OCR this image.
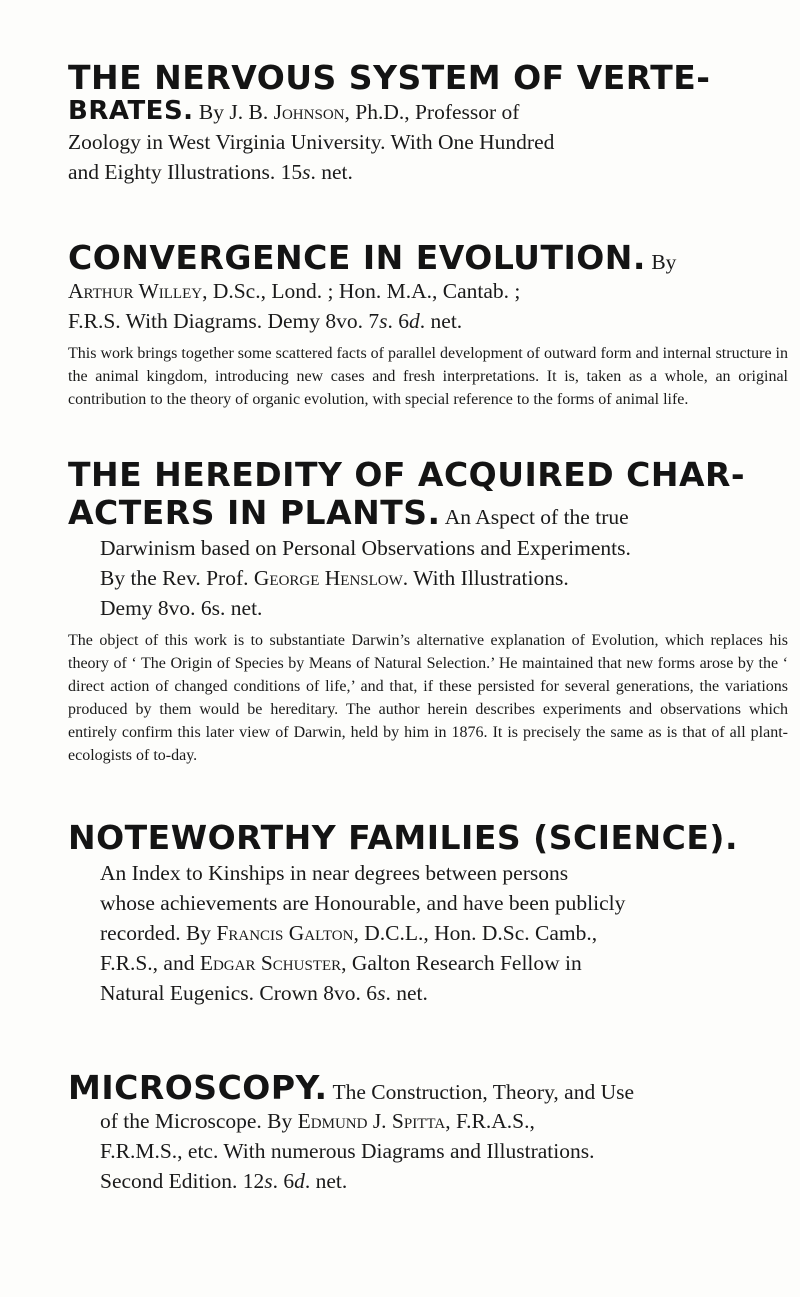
THE NERVOUS SYSTEM OF VERTE-
BRATES. By J. B. Johnson, Ph.D., Professor of
Zoology in West Virginia University. With One Hundred
and Eighty Illustrations. 15s. net.
CONVERGENCE IN EVOLUTION. By
Arthur Willey, D.Sc., Lond. ; Hon. M.A., Cantab. ;
F.R.S. With Diagrams. Demy 8vo. 7s. 6d. net.

This work brings together some scattered facts of parallel development of outward form and internal structure in the animal kingdom, introducing new cases and fresh interpretations. It is, taken as a whole, an original contribution to the theory of organic evolution, with special reference to the forms of animal life.

THE HEREDITY OF ACQUIRED CHAR-
ACTERS IN PLANTS. An Aspect of the true
Darwinism based on Personal Observations and Experiments.
By the Rev. Prof. George Henslow. With Illustrations.
Demy 8vo. 6s. net.

The object of this work is to substantiate Darwin’s alternative explanation of Evolution, which replaces his theory of ‘ The Origin of Species by Means of Natural Selection.’ He maintained that new forms arose by the ‘ direct action of changed conditions of life,’ and that, if these persisted for several generations, the variations produced by them would be hereditary. The author herein describes experiments and observations which entirely confirm this later view of Darwin, held by him in 1876. It is precisely the same as is that of all plant-ecologists of to-day.

NOTEWORTHY FAMILIES (SCIENCE).
An Index to Kinships in near degrees between persons
whose achievements are Honourable, and have been publicly
recorded. By Francis Galton, D.C.L., Hon. D.Sc. Camb.,
F.R.S., and Edgar Schuster, Galton Research Fellow in
Natural Eugenics. Crown 8vo. 6s. net.
MICROSCOPY. The Construction, Theory, and Use
of the Microscope. By Edmund J. Spitta, F.R.A.S.,
F.R.M.S., etc. With numerous Diagrams and Illustrations.
Second Edition. 12s. 6d. net.
